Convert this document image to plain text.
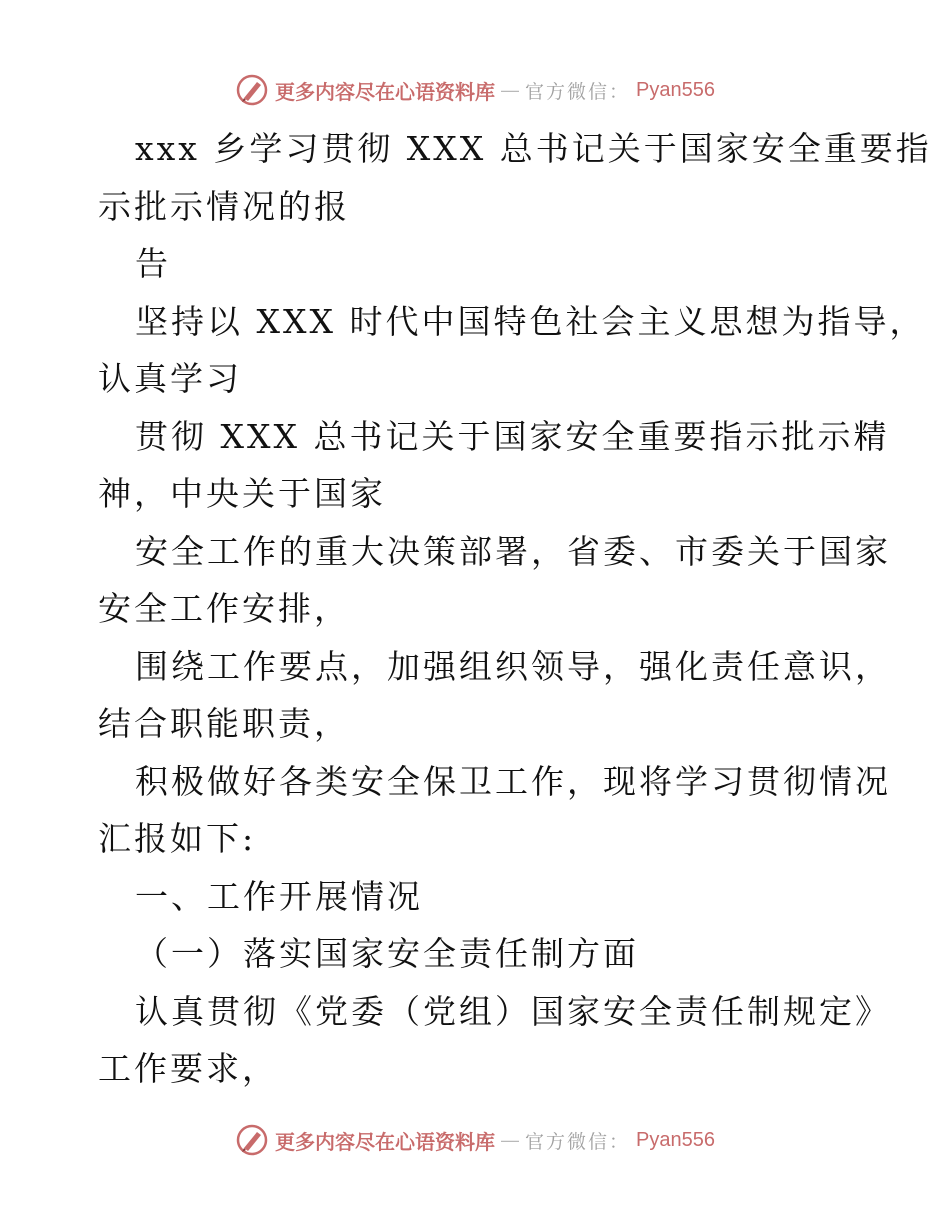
更多内容尽在心语资料库 — 官方微信： Pyan556
xxx 乡学习贯彻 XXX 总书记关于国家安全重要指
示批示情况的报
告
坚持以 XXX 时代中国特色社会主义思想为指导，
认真学习
贯彻 XXX 总书记关于国家安全重要指示批示精
神，中央关于国家
安全工作的重大决策部署，省委、市委关于国家
安全工作安排，
围绕工作要点，加强组织领导，强化责任意识，
结合职能职责，
积极做好各类安全保卫工作，现将学习贯彻情况
汇报如下:
一、工作开展情况
（一）落实国家安全责任制方面
认真贯彻《党委（党组）国家安全责任制规定》
工作要求，
更多内容尽在心语资料库 — 官方微信： Pyan556
